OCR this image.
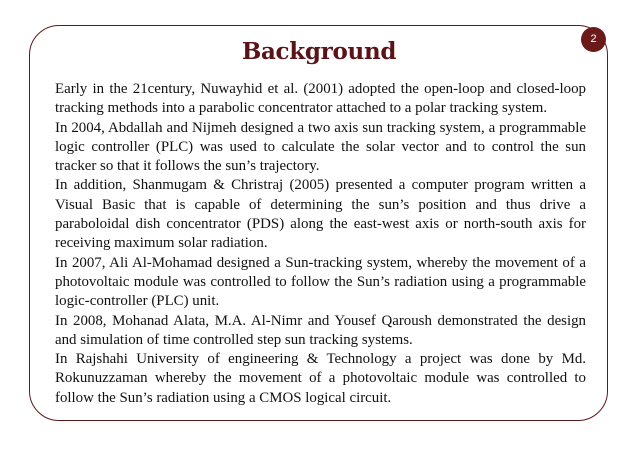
2
Background

Early in the 21century, Nuwayhid et al. (2001) adopted the open-loop and closed-loop tracking methods into a parabolic concentrator attached to a polar tracking system.

In 2004, Abdallah and Nijmeh designed a two axis sun tracking system, a programmable logic controller (PLC) was used to calculate the solar vector and to control the sun tracker so that it follows the sun’s trajectory.

In addition, Shanmugam & Christraj (2005) presented a computer program written a Visual Basic that is capable of determining the sun’s position and thus drive a paraboloidal dish concentrator (PDS) along the east-west axis or north-south axis for receiving maximum solar radiation.

In 2007, Ali Al-Mohamad designed a Sun-tracking system, whereby the movement of a photovoltaic module was controlled to follow the Sun’s radiation using a programmable logic-controller (PLC) unit.

In 2008, Mohanad Alata, M.A. Al-Nimr and Yousef Qaroush demonstrated the design and simulation of time controlled step sun tracking systems.

In Rajshahi University of engineering & Technology a project was done by Md. Rokunuzzaman whereby the movement of a photovoltaic module was controlled to follow the Sun’s radiation using a CMOS logical circuit.
